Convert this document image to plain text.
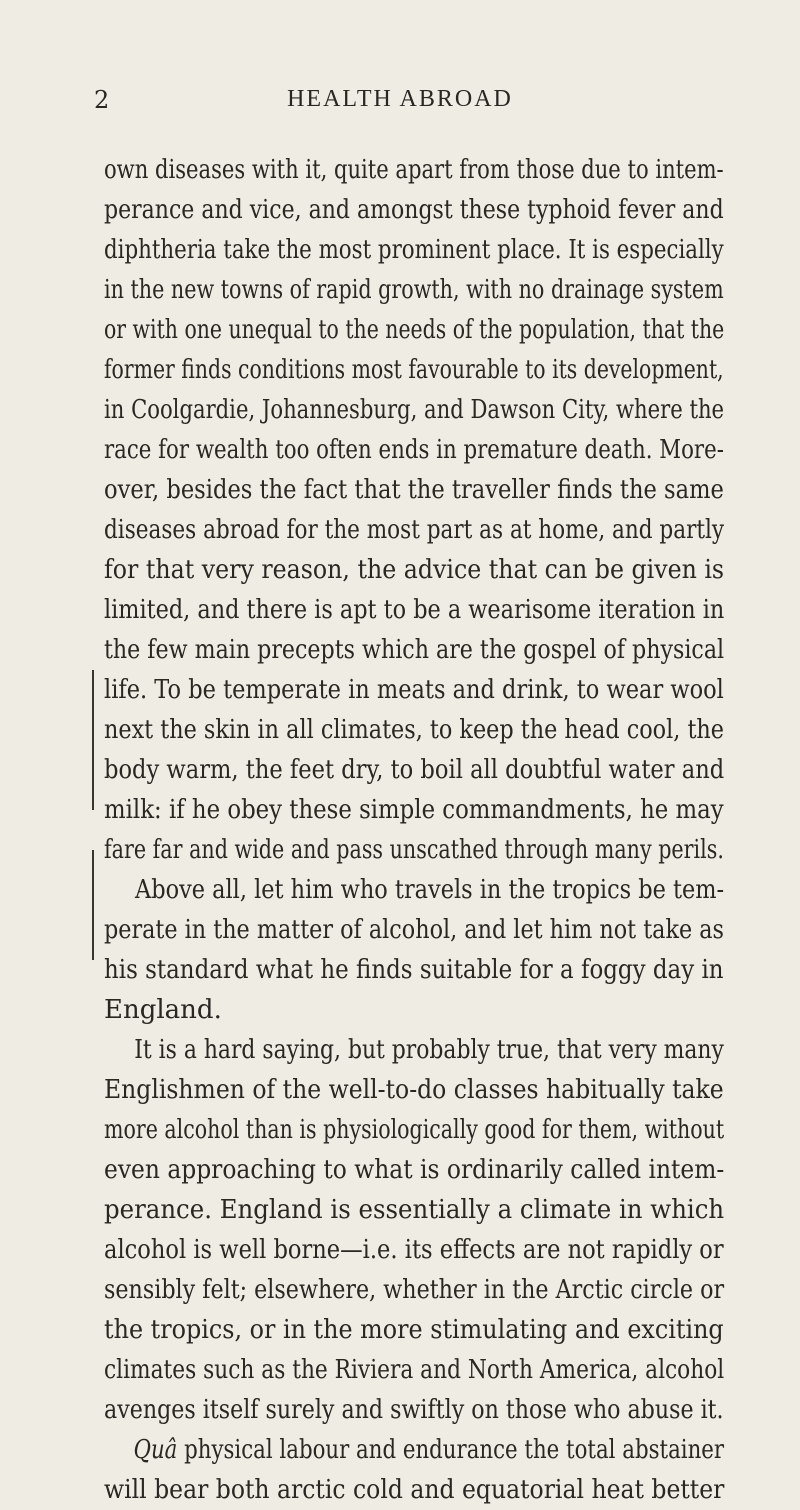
2	HEALTH ABROAD
own diseases with it, quite apart from those due to intem-
perance and vice, and amongst these typhoid fever and
diphtheria take the most prominent place. It is especially
in the new towns of rapid growth, with no drainage system
or with one unequal to the needs of the population, that the
former finds conditions most favourable to its development,
in Coolgardie, Johannesburg, and Dawson City, where the
race for wealth too often ends in premature death. More-
over, besides the fact that the traveller finds the same
diseases abroad for the most part as at home, and partly
for that very reason, the advice that can be given is
limited, and there is apt to be a wearisome iteration in
the few main precepts which are the gospel of physical
life. To be temperate in meats and drink, to wear wool
next the skin in all climates, to keep the head cool, the
body warm, the feet dry, to boil all doubtful water and
milk: if he obey these simple commandments, he may
fare far and wide and pass unscathed through many perils.
Above all, let him who travels in the tropics be tem-
perate in the matter of alcohol, and let him not take as
his standard what he finds suitable for a foggy day in
England.
It is a hard saying, but probably true, that very many
Englishmen of the well-to-do classes habitually take
more alcohol than is physiologically good for them, without
even approaching to what is ordinarily called intem-
perance. England is essentially a climate in which
alcohol is well borne—i.e. its effects are not rapidly or
sensibly felt; elsewhere, whether in the Arctic circle or
the tropics, or in the more stimulating and exciting
climates such as the Riviera and North America, alcohol
avenges itself surely and swiftly on those who abuse it.
Quâ physical labour and endurance the total abstainer
will bear both arctic cold and equatorial heat better
